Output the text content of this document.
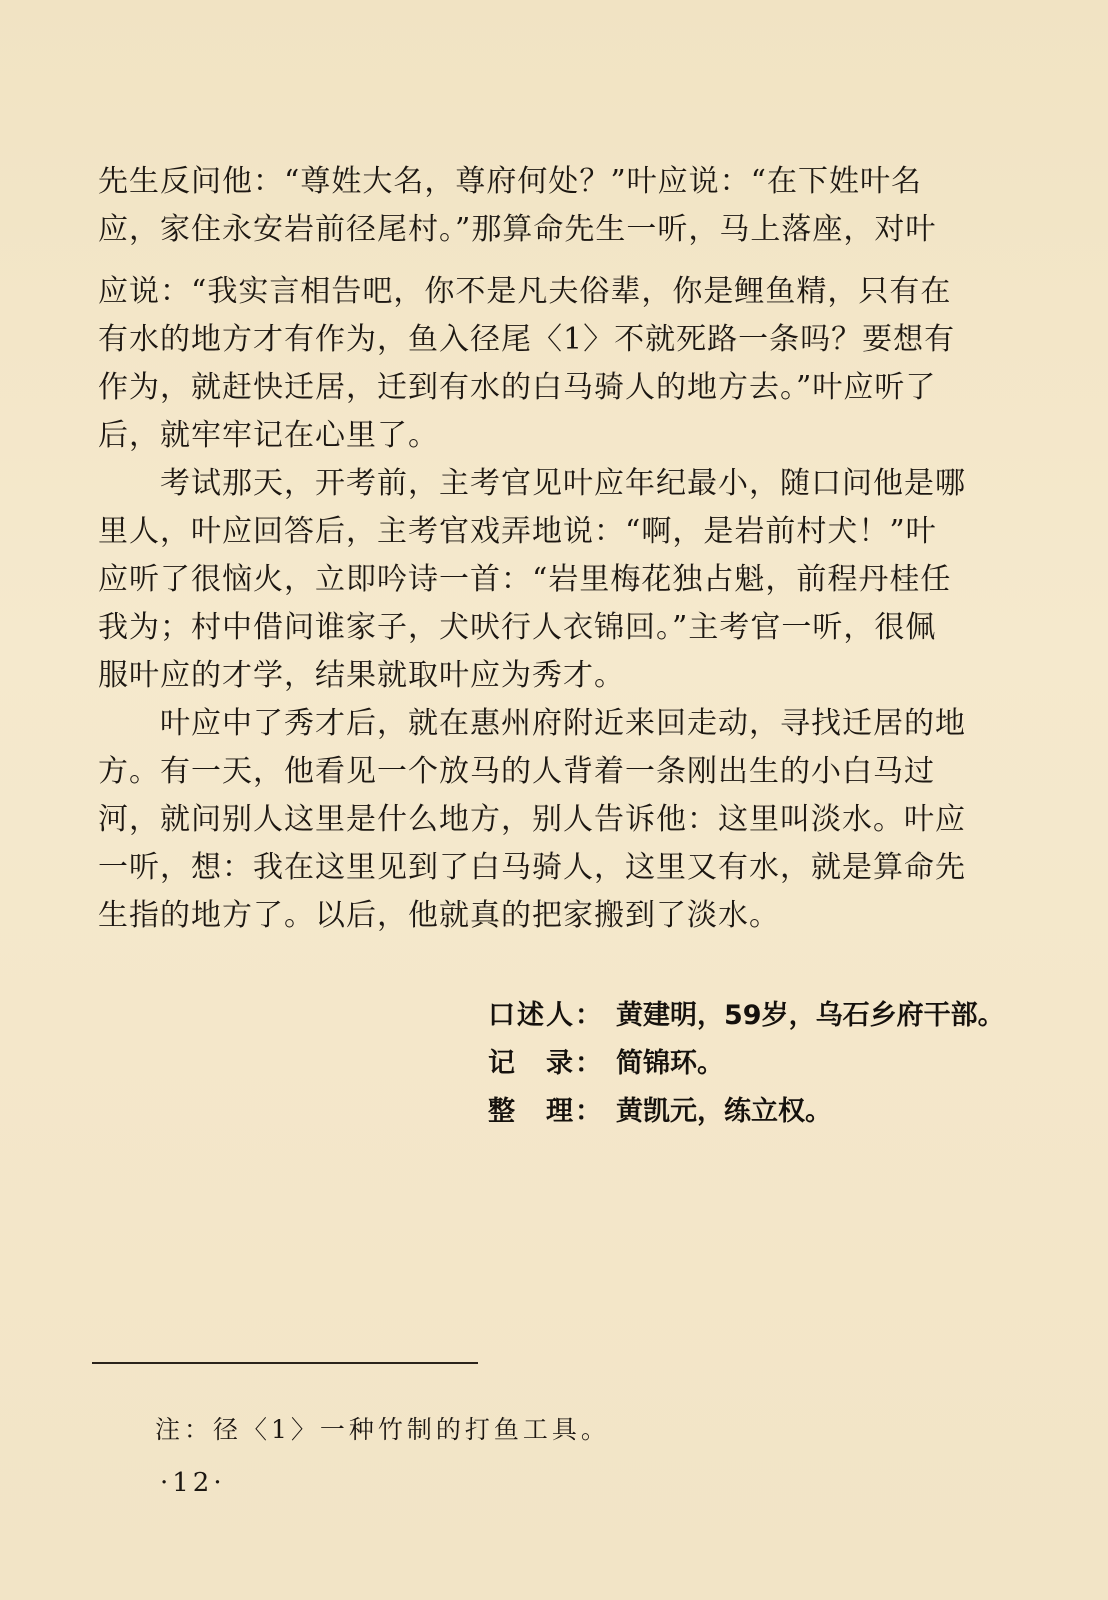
先生反问他：“尊姓大名，尊府何处？”叶应说：“在下姓叶名

应，家住永安岩前径尾村。”那算命先生一听，马上落座，对叶

应说：“我实言相告吧，你不是凡夫俗辈，你是鲤鱼精，只有在

有水的地方才有作为，鱼入径尾〈1〉不就死路一条吗？要想有

作为，就赶快迁居，迁到有水的白马骑人的地方去。”叶应听了

后，就牢牢记在心里了。

考试那天，开考前，主考官见叶应年纪最小，随口问他是哪

里人，叶应回答后，主考官戏弄地说：“啊，是岩前村犬！”叶

应听了很恼火，立即吟诗一首：“岩里梅花独占魁，前程丹桂任

我为；村中借问谁家子，犬吠行人衣锦回。”主考官一听，很佩

服叶应的才学，结果就取叶应为秀才。

叶应中了秀才后，就在惠州府附近来回走动，寻找迁居的地

方。有一天，他看见一个放马的人背着一条刚出生的小白马过

河，就问别人这里是什么地方，别人告诉他：这里叫淡水。叶应

一听，想：我在这里见到了白马骑人，这里又有水，就是算命先

生指的地方了。以后，他就真的把家搬到了淡水。

口述人： 黄建明，59岁，乌石乡府干部。
记　录： 简锦环。
整　理： 黄凯元，练立权。
注：径〈1〉一种竹制的打鱼工具。
·12·
